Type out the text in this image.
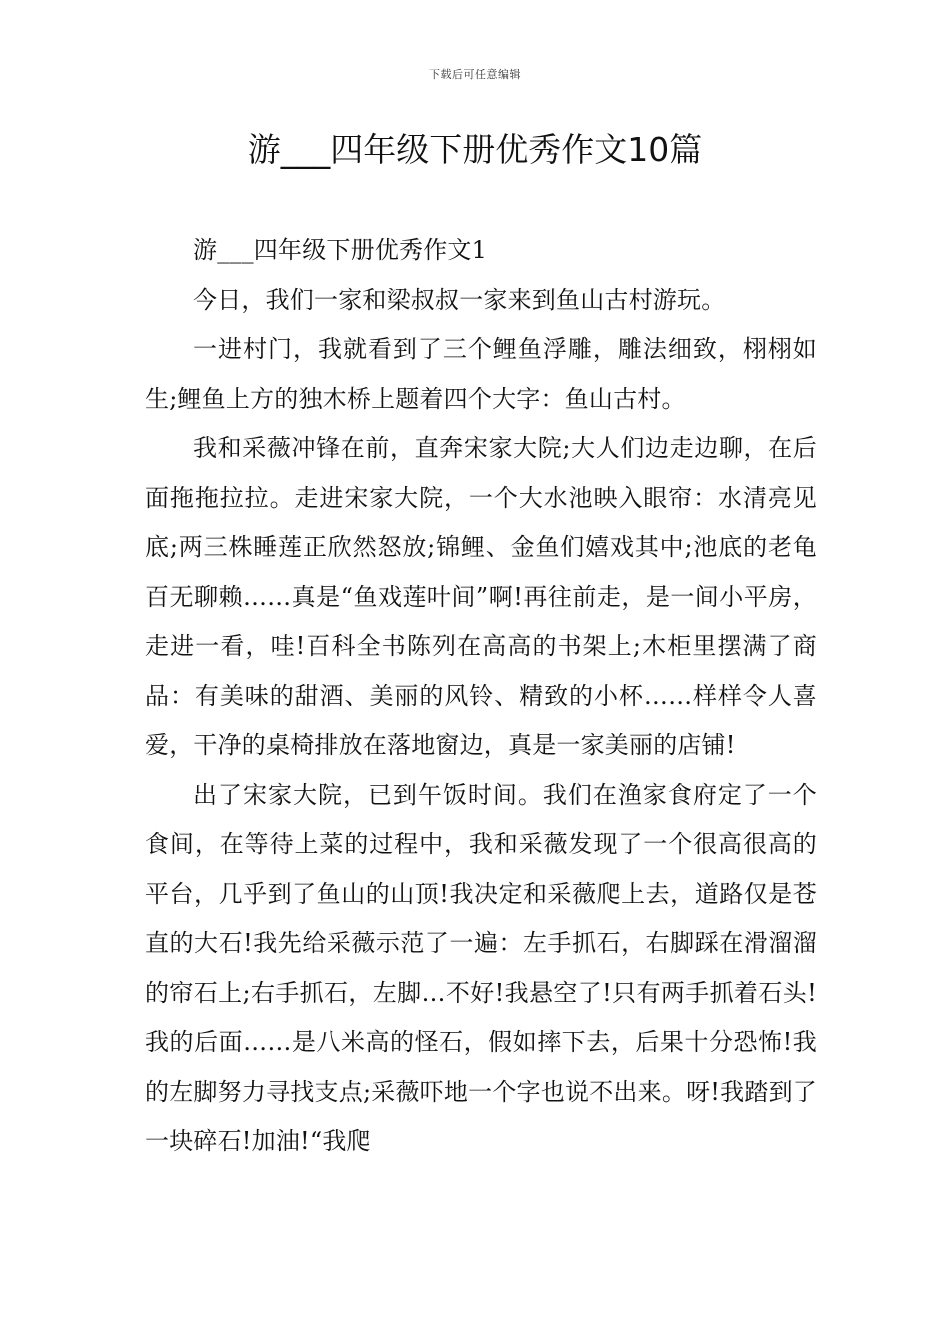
下载后可任意编辑
游___四年级下册优秀作文10篇

游___四年级下册优秀作文1

今日，我们一家和梁叔叔一家来到鱼山古村游玩。

一进村门，我就看到了三个鲤鱼浮雕，雕法细致，栩栩如生;鲤鱼上方的独木桥上题着四个大字：鱼山古村。

我和采薇冲锋在前，直奔宋家大院;大人们边走边聊，在后面拖拖拉拉。走进宋家大院，一个大水池映入眼帘：水清亮见底;两三株睡莲正欣然怒放;锦鲤、金鱼们嬉戏其中;池底的老龟百无聊赖……真是“鱼戏莲叶间”啊!再往前走，是一间小平房，走进一看，哇!百科全书陈列在高高的书架上;木柜里摆满了商品：有美味的甜酒、美丽的风铃、精致的小杯……样样令人喜爱，干净的桌椅排放在落地窗边，真是一家美丽的店铺!

出了宋家大院，已到午饭时间。我们在渔家食府定了一个食间，在等待上菜的过程中，我和采薇发现了一个很高很高的平台，几乎到了鱼山的山顶!我决定和采薇爬上去，道路仅是苍直的大石!我先给采薇示范了一遍：左手抓石，右脚踩在滑溜溜的帘石上;右手抓石，左脚…不好!我悬空了!只有两手抓着石头!我的后面……是八米高的怪石，假如摔下去，后果十分恐怖!我的左脚努力寻找支点;采薇吓地一个字也说不出来。呀!我踏到了一块碎石!加油!“我爬
